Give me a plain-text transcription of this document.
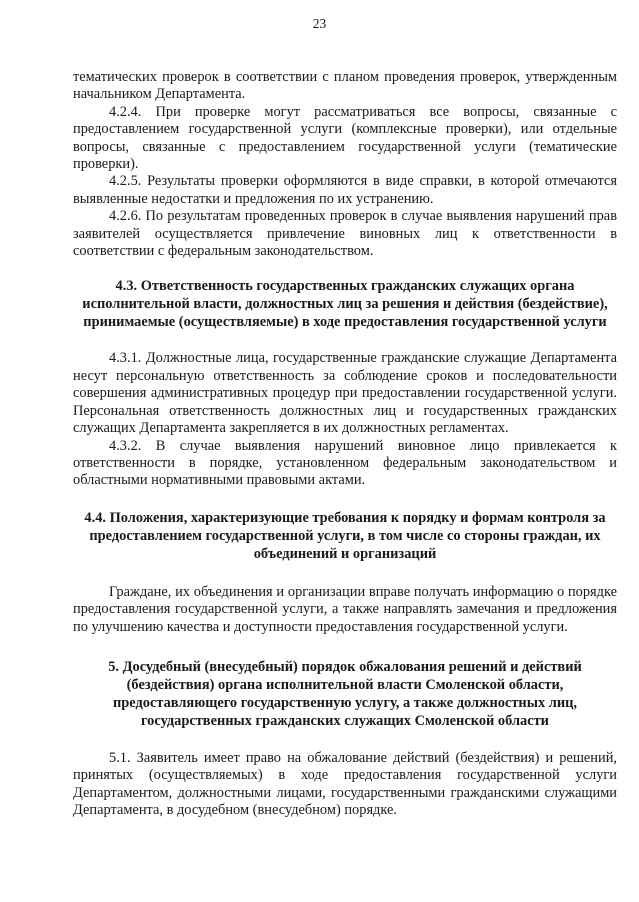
23

тематических проверок в соответствии с планом проведения проверок, утвержденным начальником Департамента.

4.2.4. При проверке могут рассматриваться все вопросы, связанные с предоставлением государственной услуги (комплексные проверки), или отдельные вопросы, связанные с предоставлением государственной услуги (тематические проверки).

4.2.5. Результаты проверки оформляются в виде справки, в которой отмечаются выявленные недостатки и предложения по их устранению.

4.2.6. По результатам проведенных проверок в случае выявления нарушений прав заявителей осуществляется привлечение виновных лиц к ответственности в соответствии с федеральным законодательством.

4.3. Ответственность государственных гражданских служащих органа исполнительной власти, должностных лиц за решения и действия (бездействие), принимаемые (осуществляемые) в ходе предоставления государственной услуги

4.3.1. Должностные лица, государственные гражданские служащие Департамента несут персональную ответственность за соблюдение сроков и последовательности совершения административных процедур при предоставлении государственной услуги. Персональная ответственность должностных лиц и государственных гражданских служащих Департамента закрепляется в их должностных регламентах.

4.3.2. В случае выявления нарушений виновное лицо привлекается к ответственности в порядке, установленном федеральным законодательством и областными нормативными правовыми актами.

4.4. Положения, характеризующие требования к порядку и формам контроля за предоставлением государственной услуги, в том числе со стороны граждан, их объединений и организаций

Граждане, их объединения и организации вправе получать информацию о порядке предоставления государственной услуги, а также направлять замечания и предложения по улучшению качества и доступности предоставления государственной услуги.

5. Досудебный (внесудебный) порядок обжалования решений и действий (бездействия) органа исполнительной власти Смоленской области, предоставляющего государственную услугу, а также должностных лиц, государственных гражданских служащих Смоленской области

5.1. Заявитель имеет право на обжалование действий (бездействия) и решений, принятых (осуществляемых) в ходе предоставления государственной услуги Департаментом, должностными лицами, государственными гражданскими служащими Департамента, в досудебном (внесудебном) порядке.
